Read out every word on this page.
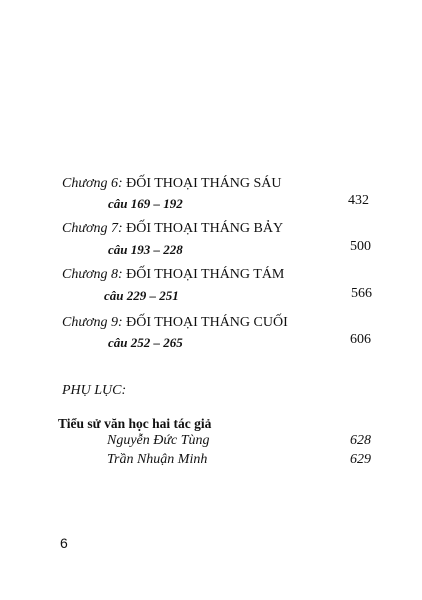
Chương 6: ĐỐI THOẠI THÁNG SÁU
câu 169 – 192	432
Chương 7: ĐỐI THOẠI THÁNG BẢY
câu 193 – 228	500
Chương 8: ĐỐI THOẠI THÁNG TÁM
câu 229 – 251	566
Chương 9: ĐỐI THOẠI THÁNG CUỐI
câu 252 – 265	606
PHỤ LỤC:
Tiểu sử văn học hai tác giả
Nguyễn Đức Tùng	628
Trần Nhuận Minh	629
6
